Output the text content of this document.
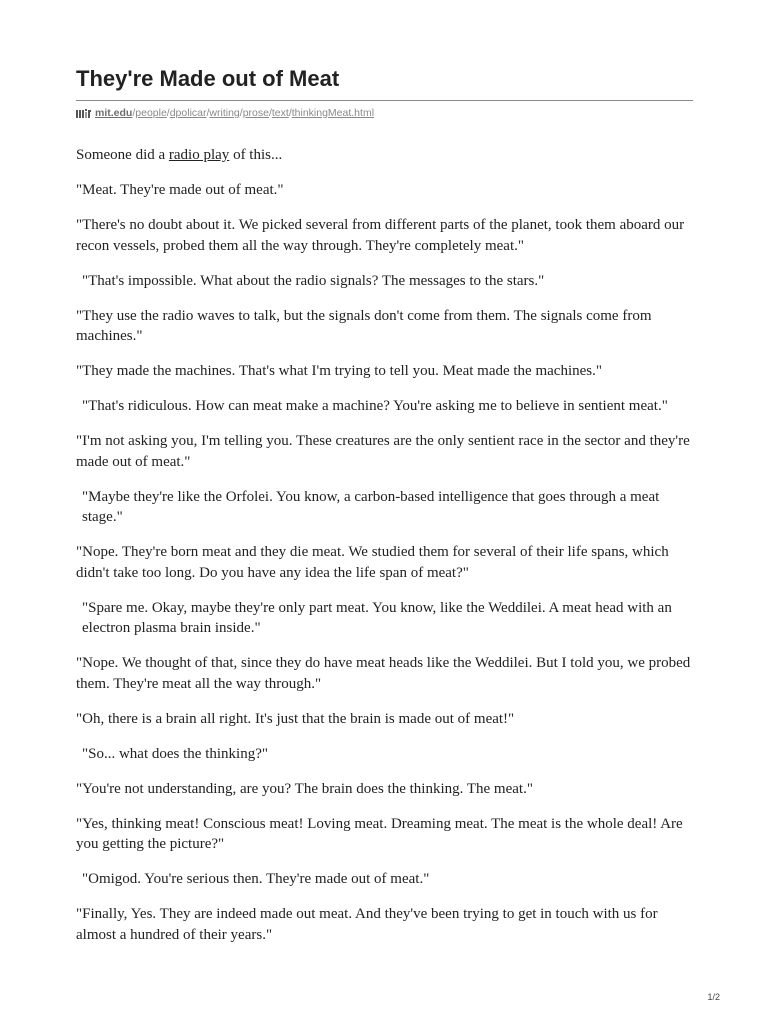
They're Made out of Meat
mit.edu / people / dpolicar / writing / prose / text / thinkingMeat.html

Someone did a radio play of this...

"Meat. They're made out of meat."

"There's no doubt about it. We picked several from different parts of the planet, took them aboard our recon vessels, probed them all the way through. They're completely meat."

"That's impossible. What about the radio signals? The messages to the stars."

"They use the radio waves to talk, but the signals don't come from them. The signals come from machines."

"They made the machines. That's what I'm trying to tell you. Meat made the machines."

"That's ridiculous. How can meat make a machine? You're asking me to believe in sentient meat."

"I'm not asking you, I'm telling you. These creatures are the only sentient race in the sector and they're made out of meat."

"Maybe they're like the Orfolei. You know, a carbon-based intelligence that goes through a meat stage."

"Nope. They're born meat and they die meat. We studied them for several of their life spans, which didn't take too long. Do you have any idea the life span of meat?"

"Spare me. Okay, maybe they're only part meat. You know, like the Weddilei. A meat head with an electron plasma brain inside."

"Nope. We thought of that, since they do have meat heads like the Weddilei. But I told you, we probed them. They're meat all the way through."

"Oh, there is a brain all right. It's just that the brain is made out of meat!"

"So... what does the thinking?"

"You're not understanding, are you? The brain does the thinking. The meat."

"Yes, thinking meat! Conscious meat! Loving meat. Dreaming meat. The meat is the whole deal! Are you getting the picture?"

"Omigod. You're serious then. They're made out of meat."

"Finally, Yes. They are indeed made out meat. And they've been trying to get in touch with us for almost a hundred of their years."

1/2
